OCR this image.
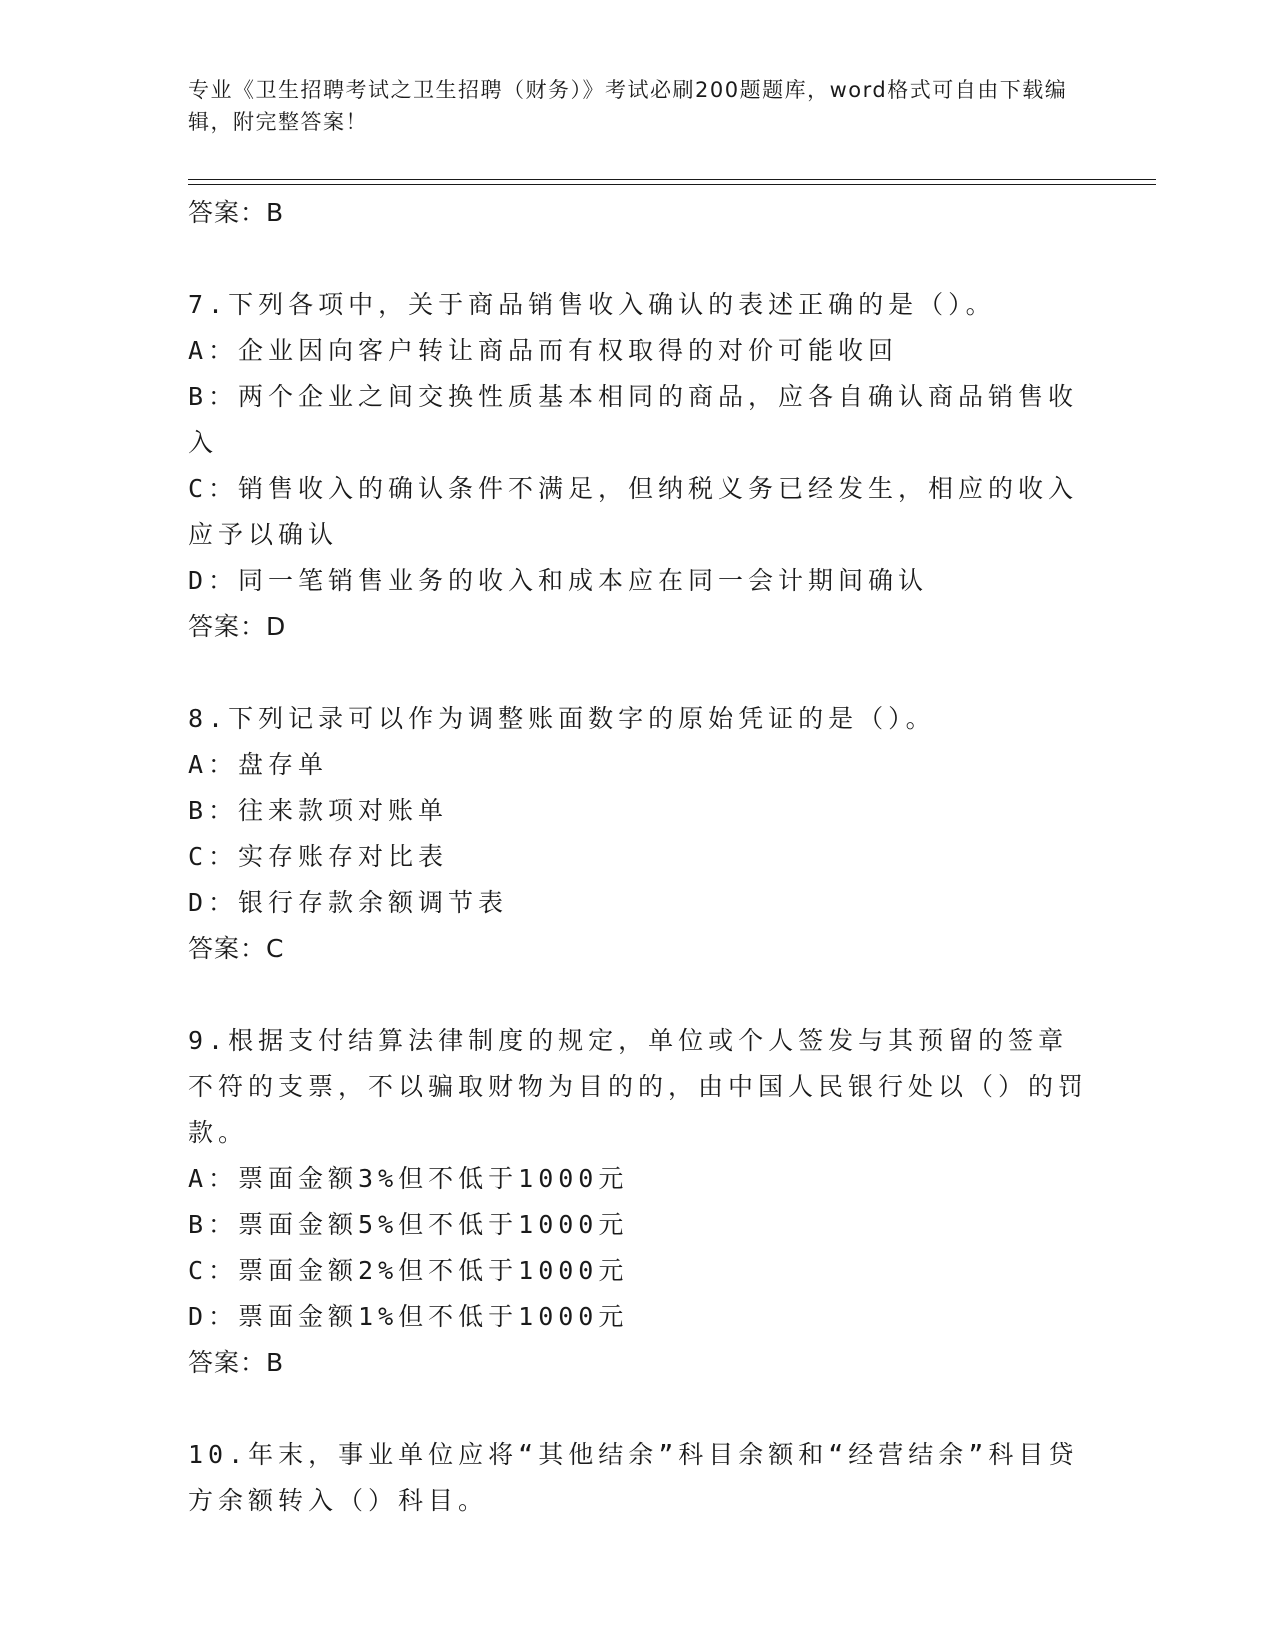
专业《卫生招聘考试之卫生招聘（财务）》考试必刷200题题库，word格式可自由下载编辑，附完整答案！
答案：B
7.下列各项中，关于商品销售收入确认的表述正确的是（）。
A：企业因向客户转让商品而有权取得的对价可能收回
B：两个企业之间交换性质基本相同的商品，应各自确认商品销售收入
C：销售收入的确认条件不满足，但纳税义务已经发生，相应的收入应予以确认
D：同一笔销售业务的收入和成本应在同一会计期间确认
答案：D
8.下列记录可以作为调整账面数字的原始凭证的是（）。
A：盘存单
B：往来款项对账单
C：实存账存对比表
D：银行存款余额调节表
答案：C
9.根据支付结算法律制度的规定，单位或个人签发与其预留的签章不符的支票，不以骗取财物为目的的，由中国人民银行处以（）的罚款。
A：票面金额3%但不低于1000元
B：票面金额5%但不低于1000元
C：票面金额2%但不低于1000元
D：票面金额1%但不低于1000元
答案：B
10.年末，事业单位应将“其他结余”科目余额和“经营结余”科目贷方余额转入（）科目。
